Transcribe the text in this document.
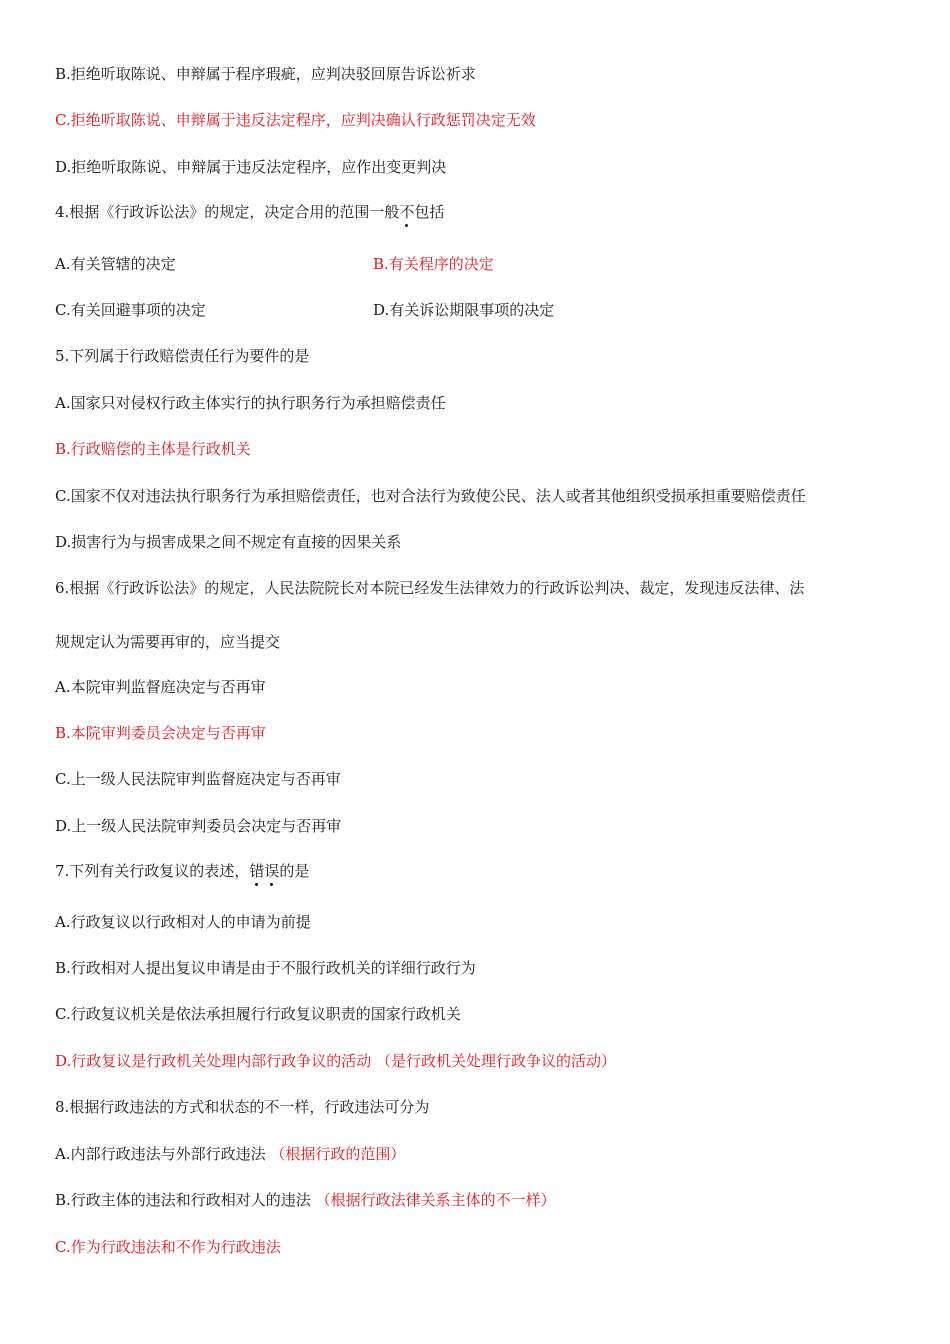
B.拒绝听取陈说、申辩属于程序瑕疵，应判决驳回原告诉讼祈求
C.拒绝听取陈说、申辩属于违反法定程序，应判决确认行政惩罚决定无效
D.拒绝听取陈说、申辩属于违反法定程序，应作出变更判决
4.根据《行政诉讼法》的规定，决定合用的范围一般不包括
A.有关管辖的决定	B.有关程序的决定
C.有关回避事项的决定	D.有关诉讼期限事项的决定
5.下列属于行政赔偿责任行为要件的是
A.国家只对侵权行政主体实行的执行职务行为承担赔偿责任
B.行政赔偿的主体是行政机关
C.国家不仅对违法执行职务行为承担赔偿责任，也对合法行为致使公民、法人或者其他组织受损承担重要赔偿责任
D.损害行为与损害成果之间不规定有直接的因果关系
6.根据《行政诉讼法》的规定，人民法院院长对本院已经发生法律效力的行政诉讼判决、裁定，发现违反法律、法
规规定认为需要再审的，应当提交
A.本院审判监督庭决定与否再审
B.本院审判委员会决定与否再审
C.上一级人民法院审判监督庭决定与否再审
D.上一级人民法院审判委员会决定与否再审
7.下列有关行政复议的表述，错误的是
A.行政复议以行政相对人的申请为前提
B.行政相对人提出复议申请是由于不服行政机关的详细行政行为
C.行政复议机关是依法承担履行行政复议职责的国家行政机关
D.行政复议是行政机关处理内部行政争议的活动 （是行政机关处理行政争议的活动）
8.根据行政违法的方式和状态的不一样，行政违法可分为
A.内部行政违法与外部行政违法 （根据行政的范围）
B.行政主体的违法和行政相对人的违法 （根据行政法律关系主体的不一样）
C.作为行政违法和不作为行政违法
